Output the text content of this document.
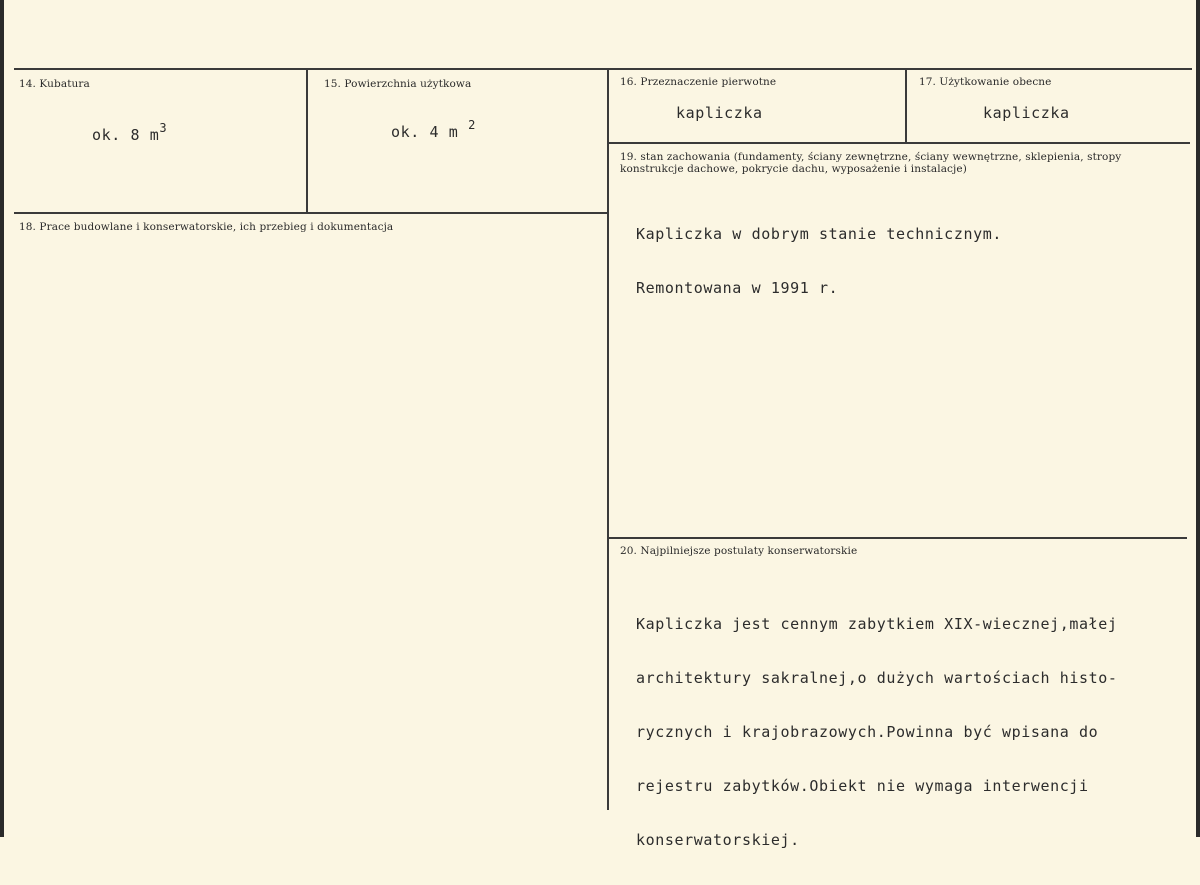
14. Kubatura
ok. 8 $m^3$
15. Powierzchnia użytkowa
ok. 4 m $^2$
16. Przeznaczenie pierwotne
kapliczka
17. Użytkowanie obecne
kapliczka
18. Prace budowlane i konserwatorskie, ich przebieg i dokumentacja
19. stan zachowania (fundamenty, ściany zewnętrzne, ściany wewnętrzne, sklepienia, stropy konstrukcje dachowe, pokrycie dachu, wyposażenie i instalacje)

Kapliczka w dobrym stanie technicznym.

Remontowana w 1991 r.

20. Najpilniejsze postulaty konserwatorskie

Kapliczka jest cennym zabytkiem XIX-wiecznej,małej

architektury sakralnej,o dużych wartościach histo-

rycznych i krajobrazowych.Powinna być wpisana do

rejestru zabytków.Obiekt nie wymaga interwencji

konserwatorskiej.
